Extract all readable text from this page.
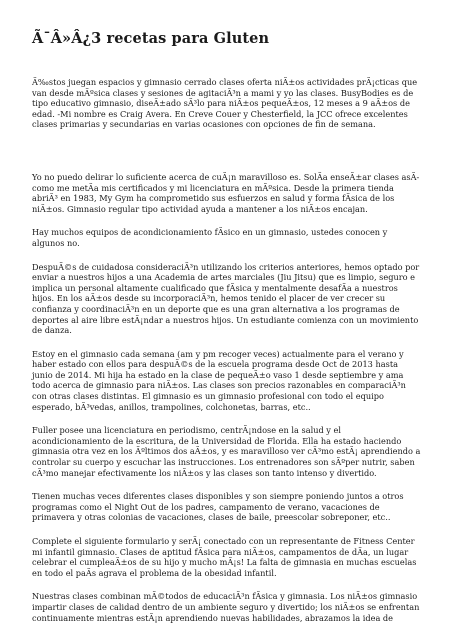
Ã¯Â»Â¿3 recetas para Gluten

Ã‰stos juegan espacios y gimnasio cerrado clases oferta niÃ±os actividades prÃ¡cticas que van desde mÃºsica clases y sesiones de agitaciÃ³n a mami y yo las clases. BusyBodies es de tipo educativo gimnasio, diseÃ±ado sÃ³lo para niÃ±os pequeÃ±os, 12 meses a 9 aÃ±os de edad. -Mi nombre es Craig Avera. En Creve Couer y Chesterfield, la JCC ofrece excelentes clases primarias y secundarias en varias ocasiones con opciones de fin de semana.

Yo no puedo delirar lo suficiente acerca de cuÃ¡n maravilloso es. SolÃa enseÃ±ar clases asÃ como me metÃa mis certificados y mi licenciatura en mÃºsica. Desde la primera tienda abriÃ³ en 1983, My Gym ha comprometido sus esfuerzos en salud y forma fÃsica de los niÃ±os. Gimnasio regular tipo actividad ayuda a mantener a los niÃ±os encajan.

Hay muchos equipos de acondicionamiento fÃsico en un gimnasio, ustedes conocen y algunos no.

DespuÃ©s de cuidadosa consideraciÃ³n utilizando los criterios anteriores, hemos optado por enviar a nuestros hijos a una Academia de artes marciales (Jiu Jitsu) que es limpio, seguro e implica un personal altamente cualificado que fÃsica y mentalmente desafÃa a nuestros hijos. En los aÃ±os desde su incorporaciÃ³n, hemos tenido el placer de ver crecer su confianza y coordinaciÃ³n en un deporte que es una gran alternativa a los programas de deportes al aire libre estÃ¡ndar a nuestros hijos. Un estudiante comienza con un movimiento de danza.

Estoy en el gimnasio cada semana (am y pm recoger veces) actualmente para el verano y haber estado con ellos para despuÃ©s de la escuela programa desde Oct de 2013 hasta junio de 2014. Mi hija ha estado en la clase de pequeÃ±o vaso 1 desde septiembre y ama todo acerca de gimnasio para niÃ±os. Las clases son precios razonables en comparaciÃ³n con otras clases distintas. El gimnasio es un gimnasio profesional con todo el equipo esperado, bÃ³vedas, anillos, trampolines, colchonetas, barras, etc..

Fuller posee una licenciatura en periodismo, centrÃ¡ndose en la salud y el acondicionamiento de la escritura, de la Universidad de Florida. Ella ha estado haciendo gimnasia otra vez en los Ãºltimos dos aÃ±os, y es maravilloso ver cÃ³mo estÃ¡ aprendiendo a controlar su cuerpo y escuchar las instrucciones. Los entrenadores son sÃºper nutrir, saben cÃ³mo manejar efectivamente los niÃ±os y las clases son tanto intenso y divertido.

Tienen muchas veces diferentes clases disponibles y son siempre poniendo juntos a otros programas como el Night Out de los padres, campamento de verano, vacaciones de primavera y otras colonias de vacaciones, clases de baile, preescolar sobreponer, etc..

Complete el siguiente formulario y serÃ¡ conectado con un representante de Fitness Center mi infantil gimnasio. Clases de aptitud fÃsica para niÃ±os, campamentos de dÃa, un lugar celebrar el cumpleaÃ±os de su hijo y mucho mÃ¡s! La falta de gimnasia en muchas escuelas en todo el paÃs agrava el problema de la obesidad infantil.

Nuestras clases combinan mÃ©todos de educaciÃ³n fÃsica y gimnasia. Los niÃ±os gimnasio impartir clases de calidad dentro de un ambiente seguro y divertido; los niÃ±os se enfrentan continuamente mientras estÃ¡n aprendiendo nuevas habilidades, abrazamos la idea de
